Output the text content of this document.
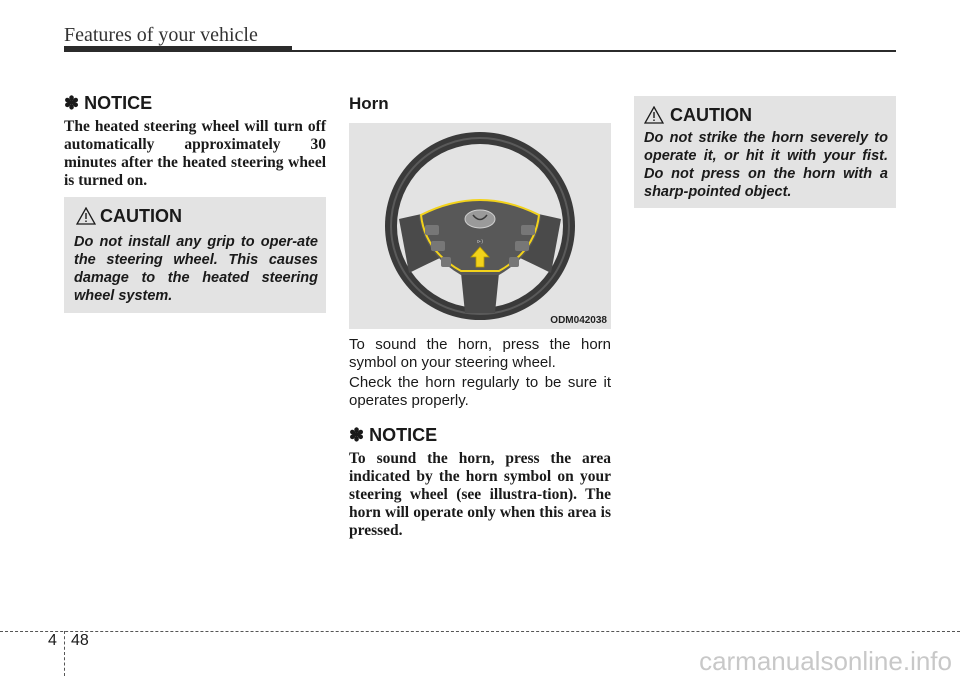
Features of your vehicle
✽ NOTICE
The heated steering wheel will turn off automatically approximately 30 minutes after the heated steering wheel is turned on.
CAUTION
Do not install any grip to oper-ate the steering wheel. This causes damage to the heated steering wheel system.
Horn
⊳)
ODM042038
To sound the horn, press the horn symbol on your steering wheel.
Check the horn regularly to be sure it operates properly.
✽ NOTICE
To sound the horn, press the area indicated by the horn symbol on your steering wheel (see illustra-tion). The horn will operate only when this area is pressed.
CAUTION
Do not strike the horn severely to operate it, or hit it with your fist. Do not press on the horn with a sharp-pointed object.
4 48
carmanualsonline.info
